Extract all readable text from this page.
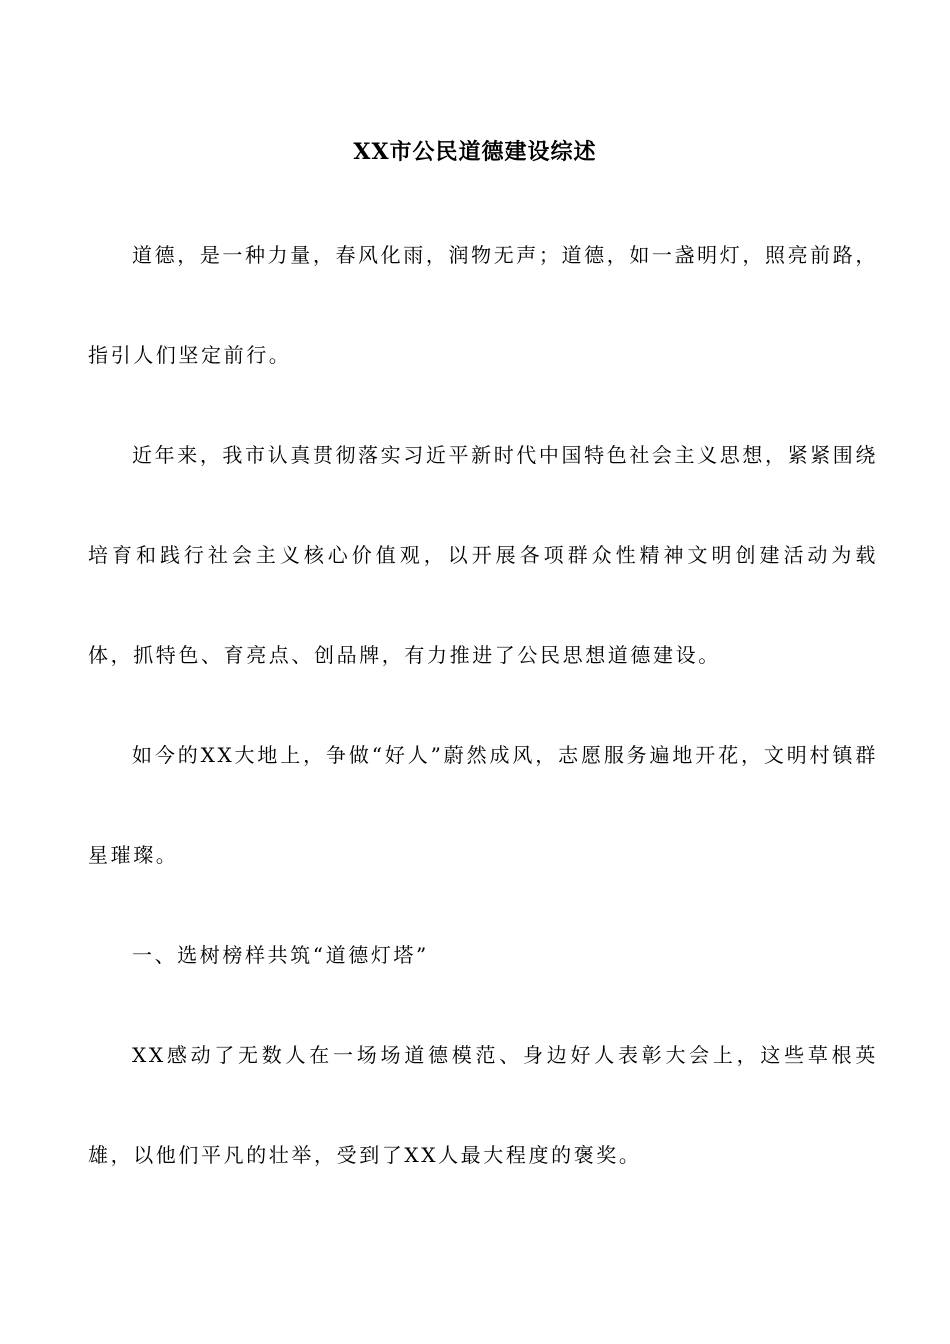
XX市公民道德建设综述

道德，是一种力量，春风化雨，润物无声；道德，如一盏明灯，照亮前路，指引人们坚定前行。

近年来，我市认真贯彻落实习近平新时代中国特色社会主义思想，紧紧围绕培育和践行社会主义核心价值观，以开展各项群众性精神文明创建活动为载体，抓特色、育亮点、创品牌，有力推进了公民思想道德建设。

如今的XX大地上，争做“好人”蔚然成风，志愿服务遍地开花，文明村镇群星璀璨。

一、选树榜样共筑“道德灯塔”

XX感动了无数人在一场场道德模范、身边好人表彰大会上，这些草根英雄，以他们平凡的壮举，受到了XX人最大程度的褒奖。
